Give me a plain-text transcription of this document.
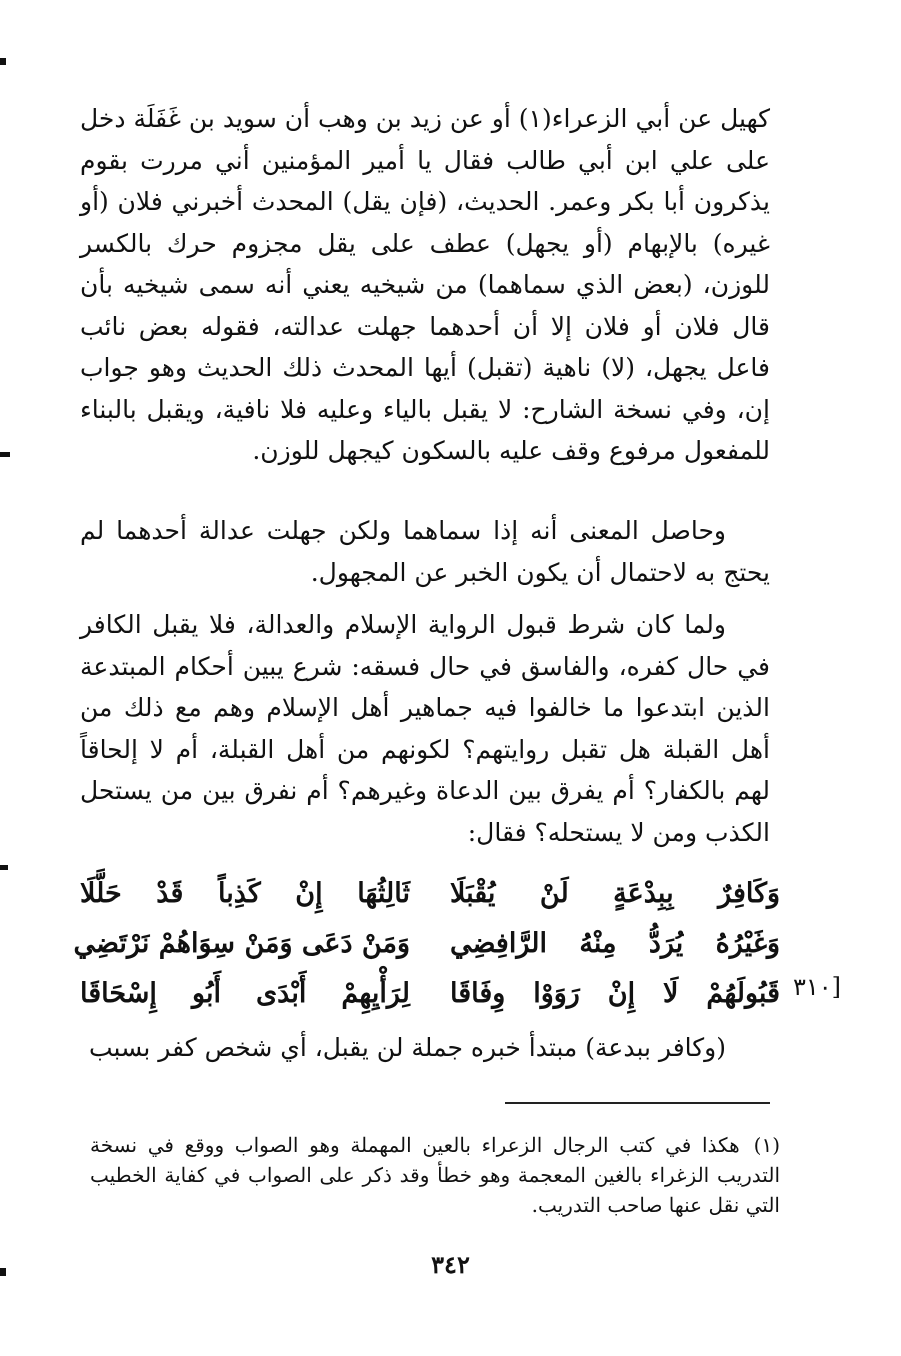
كهيل عن أبي الزعراء(١) أو عن زيد بن وهب أن سويد بن غَفَلَة دخل على علي ابن أبي طالب فقال يا أمير المؤمنين أني مررت بقوم يذكرون أبا بكر وعمر. الحديث، (فإن يقل) المحدث أخبرني فلان (أو غيره) بالإبهام (أو يجهل) عطف على يقل مجزوم حرك بالكسر للوزن، (بعض الذي سماهما) من شيخيه يعني أنه سمى شيخيه بأن قال فلان أو فلان إلا أن أحدهما جهلت عدالته، فقوله بعض نائب فاعل يجهل، (لا) ناهية (تقبل) أيها المحدث ذلك الحديث وهو جواب إن، وفي نسخة الشارح: لا يقبل بالياء وعليه فلا نافية، ويقبل بالبناء للمفعول مرفوع وقف عليه بالسكون كيجهل للوزن.

وحاصل المعنى أنه إذا سماهما ولكن جهلت عدالة أحدهما لم يحتج به لاحتمال أن يكون الخبر عن المجهول.

ولما كان شرط قبول الرواية الإسلام والعدالة، فلا يقبل الكافر في حال كفره، والفاسق في حال فسقه: شرع يبين أحكام المبتدعة الذين ابتدعوا ما خالفوا فيه جماهير أهل الإسلام وهم مع ذلك من أهل القبلة هل تقبل روايتهم؟ لكونهم من أهل القبلة، أم لا إلحاقاً لهم بالكفار؟ أم يفرق بين الدعاة وغيرهم؟ أم نفرق بين من يستحل الكذب ومن لا يستحله؟ فقال:

وَكَافِرٌ بِبِدْعَةٍ لَنْ يُقْبَلَا
ثَالِثُهَا إِنْ كَذِباً قَدْ حَلَّلَا
وَغَيْرُهُ يُرَدُّ مِنْهُ الرَّافِضِي
وَمَنْ دَعَى وَمَنْ سِوَاهُمْ نَرْتَضِي
قَبُولَهُمْ لَا إِنْ رَوَوْا وِفَاقَا
لِرَأْيِهِمْ أَبْدَى أَبُو إِسْحَاقَا	[٣١٠

(وكافر ببدعة) مبتدأ خبره جملة لن يقبل، أي شخص كفر بسبب

(١)هكذا في كتب الرجال الزعراء بالعين المهملة وهو الصواب ووقع في نسخة التدريب الزغراء بالغين المعجمة وهو خطأ وقد ذكر على الصواب في كفاية الخطيب التي نقل عنها صاحب التدريب.
٣٤٢
